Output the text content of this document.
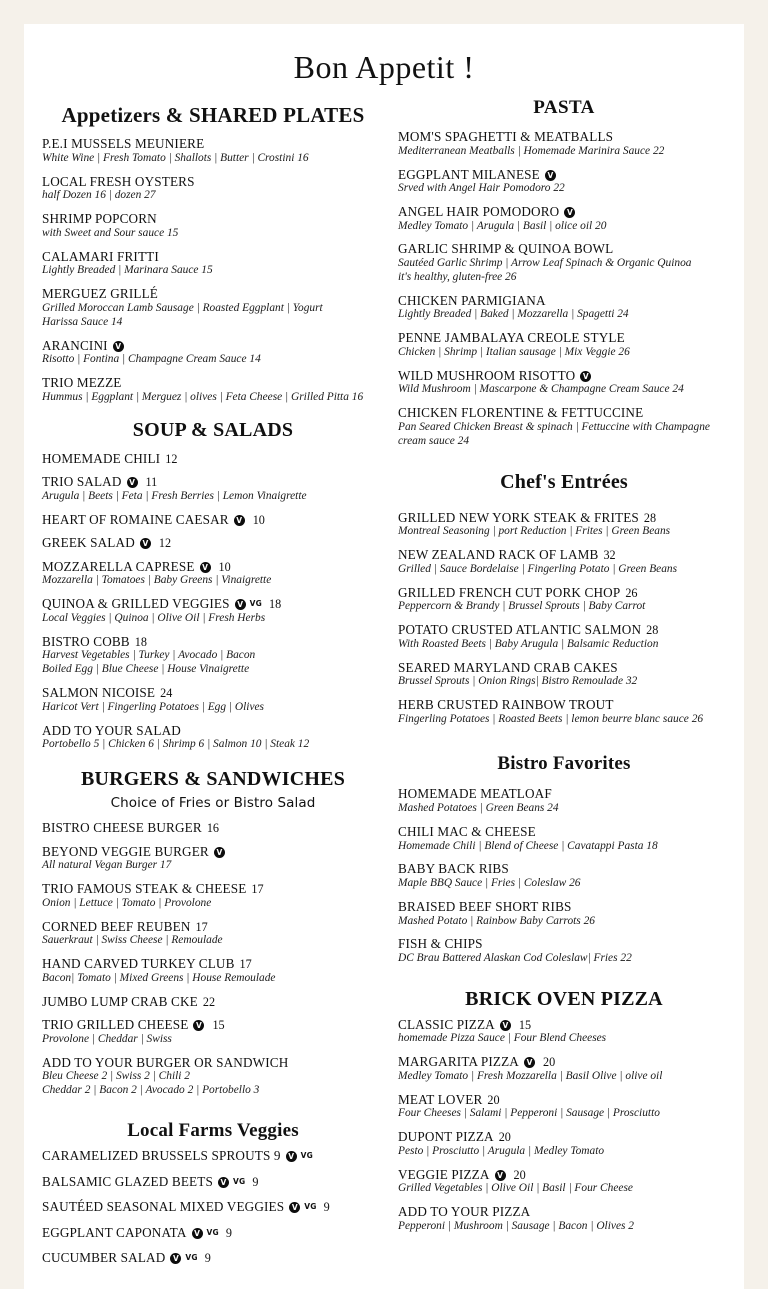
Bon Appetit !
Appetizers & SHARED PLATES
P.E.I MUSSELS MEUNIERE
White Wine | Fresh Tomato | Shallots | Butter | Crostini 16
LOCAL FRESH OYSTERS
half Dozen 16 | dozen 27
SHRIMP POPCORN
with Sweet and Sour sauce 15
CALAMARI FRITTI
Lightly Breaded | Marinara Sauce 15
MERGUEZ GRILLÉ
Grilled Moroccan Lamb Sausage | Roasted Eggplant | Yogurt Harissa Sauce 14
ARANCINI V
Risotto | Fontina | Champagne Cream Sauce 14
TRIO MEZZE
Hummus | Eggplant | Merguez | olives | Feta Cheese | Grilled Pitta 16
SOUP & SALADS
HOMEMADE CHILI 12
TRIO SALAD V 11
Arugula | Beets | Feta | Fresh Berries | Lemon Vinaigrette
HEART OF ROMAINE CAESAR V 10
GREEK SALAD V 12
MOZZARELLA CAPRESE V 10
Mozzarella | Tomatoes | Baby Greens | Vinaigrette
QUINOA & GRILLED VEGGIES V VG 18
Local Veggies | Quinoa | Olive Oil | Fresh Herbs
BISTRO COBB 18
Harvest Vegetables | Turkey | Avocado | Bacon
Boiled Egg | Blue Cheese | House Vinaigrette
SALMON NICOISE 24
Haricot Vert | Fingerling Potatoes | Egg | Olives
ADD TO YOUR SALAD
Portobello 5 | Chicken 6 | Shrimp 6 | Salmon 10 | Steak 12
BURGERS & SANDWICHES
Choice of Fries or Bistro Salad
BISTRO CHEESE BURGER 16
BEYOND VEGGIE BURGER V
All natural Vegan Burger 17
TRIO FAMOUS STEAK & CHEESE 17
Onion | Lettuce | Tomato | Provolone
CORNED BEEF REUBEN 17
Sauerkraut | Swiss Cheese | Remoulade
HAND CARVED TURKEY CLUB 17
Bacon| Tomato | Mixed Greens | House Remoulade
JUMBO LUMP CRAB CKE 22
TRIO GRILLED CHEESE V 15
Provolone | Cheddar | Swiss
ADD TO YOUR BURGER OR SANDWICH
Bleu Cheese 2 | Swiss 2 | Chili 2
Cheddar 2 | Bacon 2 | Avocado 2 | Portobello 3
Local Farms Veggies
CARAMELIZED BRUSSELS SPROUTS 9 V VG
BALSAMIC GLAZED BEETS V VG 9
SAUTÉED SEASONAL MIXED VEGGIES V VG 9
EGGPLANT CAPONATA V VG 9
CUCUMBER SALAD V VG 9
PASTA
MOM'S SPAGHETTI & MEATBALLS
Mediterranean Meatballs | Homemade Marinira Sauce 22
EGGPLANT MILANESE V
Srved with Angel Hair Pomodoro 22
ANGEL HAIR POMODORO V
Medley Tomato | Arugula | Basil | olice oil 20
GARLIC SHRIMP & QUINOA BOWL
Sautéed Garlic Shrimp | Arrow Leaf Spinach & Organic Quinoa
it's healthy, gluten-free 26
CHICKEN PARMIGIANA
Lightly Breaded | Baked | Mozzarella | Spagetti 24
PENNE JAMBALAYA CREOLE STYLE
Chicken | Shrimp | Italian sausage | Mix Veggie 26
WILD MUSHROOM RISOTTO V
Wild Mushroom | Mascarpone & Champagne Cream Sauce 24
CHICKEN FLORENTINE & FETTUCCINE
Pan Seared Chicken Breast & spinach | Fettuccine with Champagne cream sauce 24
Chef's Entrées
GRILLED NEW YORK STEAK & FRITES 28
Montreal Seasoning | port Reduction | Frites | Green Beans
NEW ZEALAND RACK OF LAMB 32
Grilled | Sauce Bordelaise | Fingerling Potato | Green Beans
GRILLED FRENCH CUT PORK CHOP 26
Peppercorn & Brandy | Brussel Sprouts | Baby Carrot
POTATO CRUSTED ATLANTIC SALMON 28
With Roasted Beets | Baby Arugula | Balsamic Reduction
SEARED MARYLAND CRAB CAKES
Brussel Sprouts | Onion Rings| Bistro Remoulade 32
HERB CRUSTED RAINBOW TROUT
Fingerling Potatoes | Roasted Beets | lemon beurre blanc sauce 26
Bistro Favorites
HOMEMADE MEATLOAF
Mashed Potatoes | Green Beans 24
CHILI MAC & CHEESE
Homemade Chili | Blend of Cheese | Cavatappi Pasta 18
BABY BACK RIBS
Maple BBQ Sauce | Fries | Coleslaw 26
BRAISED BEEF SHORT RIBS
Mashed Potato | Rainbow Baby Carrots 26
FISH & CHIPS
DC Brau Battered Alaskan Cod Coleslaw| Fries 22
BRICK OVEN PIZZA
CLASSIC PIZZA V 15
homemade Pizza Sauce | Four Blend Cheeses
MARGARITA PIZZA V 20
Medley Tomato | Fresh Mozzarella | Basil Olive | olive oil
MEAT LOVER 20
Four Cheeses | Salami | Pepperoni | Sausage | Prosciutto
DUPONT PIZZA 20
Pesto | Prosciutto | Arugula | Medley Tomato
VEGGIE PIZZA V 20
Grilled Vegetables | Olive Oil | Basil | Four Cheese
ADD TO YOUR PIZZA
Pepperoni | Mushroom | Sausage | Bacon | Olives 2
